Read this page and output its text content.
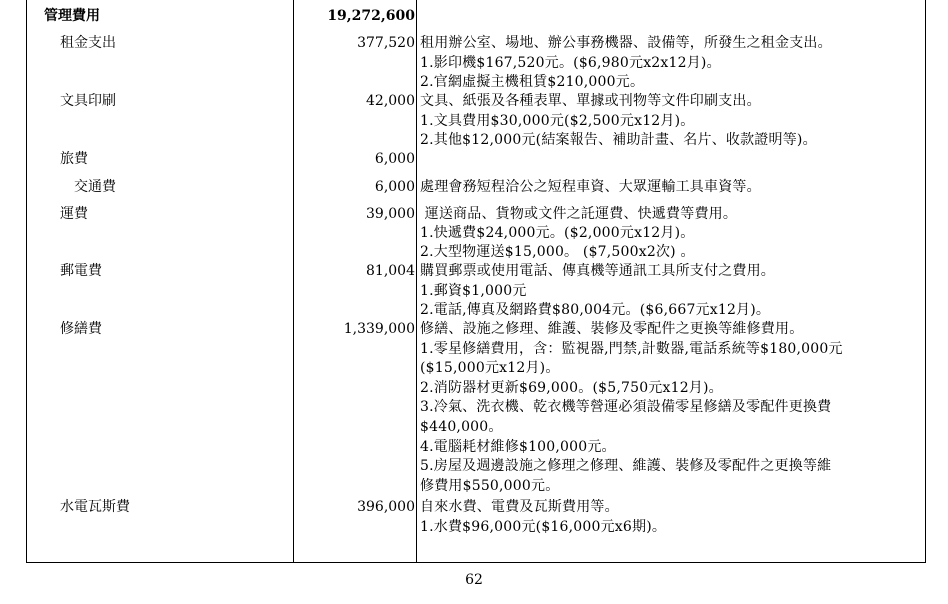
管理費用	19,272,600
租金支出	377,520 租用辦公室、場地、辦公事務機器、設備等，所發生之租金支出。
1.影印機$167,520元。($6,980元x2x12月)。
2.官網虛擬主機租賃$210,000元。
文具印刷	42,000 文具、紙張及各種表單、單據或刊物等文件印刷支出。
1.文具費用$30,000元($2,500元x12月)。
2.其他$12,000元(結案報告、補助計畫、名片、收款證明等)。
旅費	6,000
交通費	6,000 處理會務短程洽公之短程車資、大眾運輸工具車資等。
運費	39,000 運送商品、貨物或文件之託運費、快遞費等費用。
1.快遞費$24,000元。($2,000元x12月)。
2.大型物運送$15,000。 ($7,500x2次) 。
郵電費	81,004 購買郵票或使用電話、傳真機等通訊工具所支付之費用。
1.郵資$1,000元
2.電話,傳真及網路費$80,004元。($6,667元x12月)。
修繕費	1,339,000 修繕、設施之修理、維護、裝修及零配件之更換等維修費用。
1.零星修繕費用，含：監視器,門禁,計數器,電話系統等$180,000元
($15,000元x12月)。
2.消防器材更新$69,000。($5,750元x12月)。
3.冷氣、洗衣機、乾衣機等營運必須設備零星修繕及零配件更換費
$440,000。
4.電腦耗材維修$100,000元。
5.房屋及週邊設施之修理之修理、維護、裝修及零配件之更換等維
修費用$550,000元。
水電瓦斯費	396,000 自來水費、電費及瓦斯費用等。
1.水費$96,000元($16,000元x6期)。
62
